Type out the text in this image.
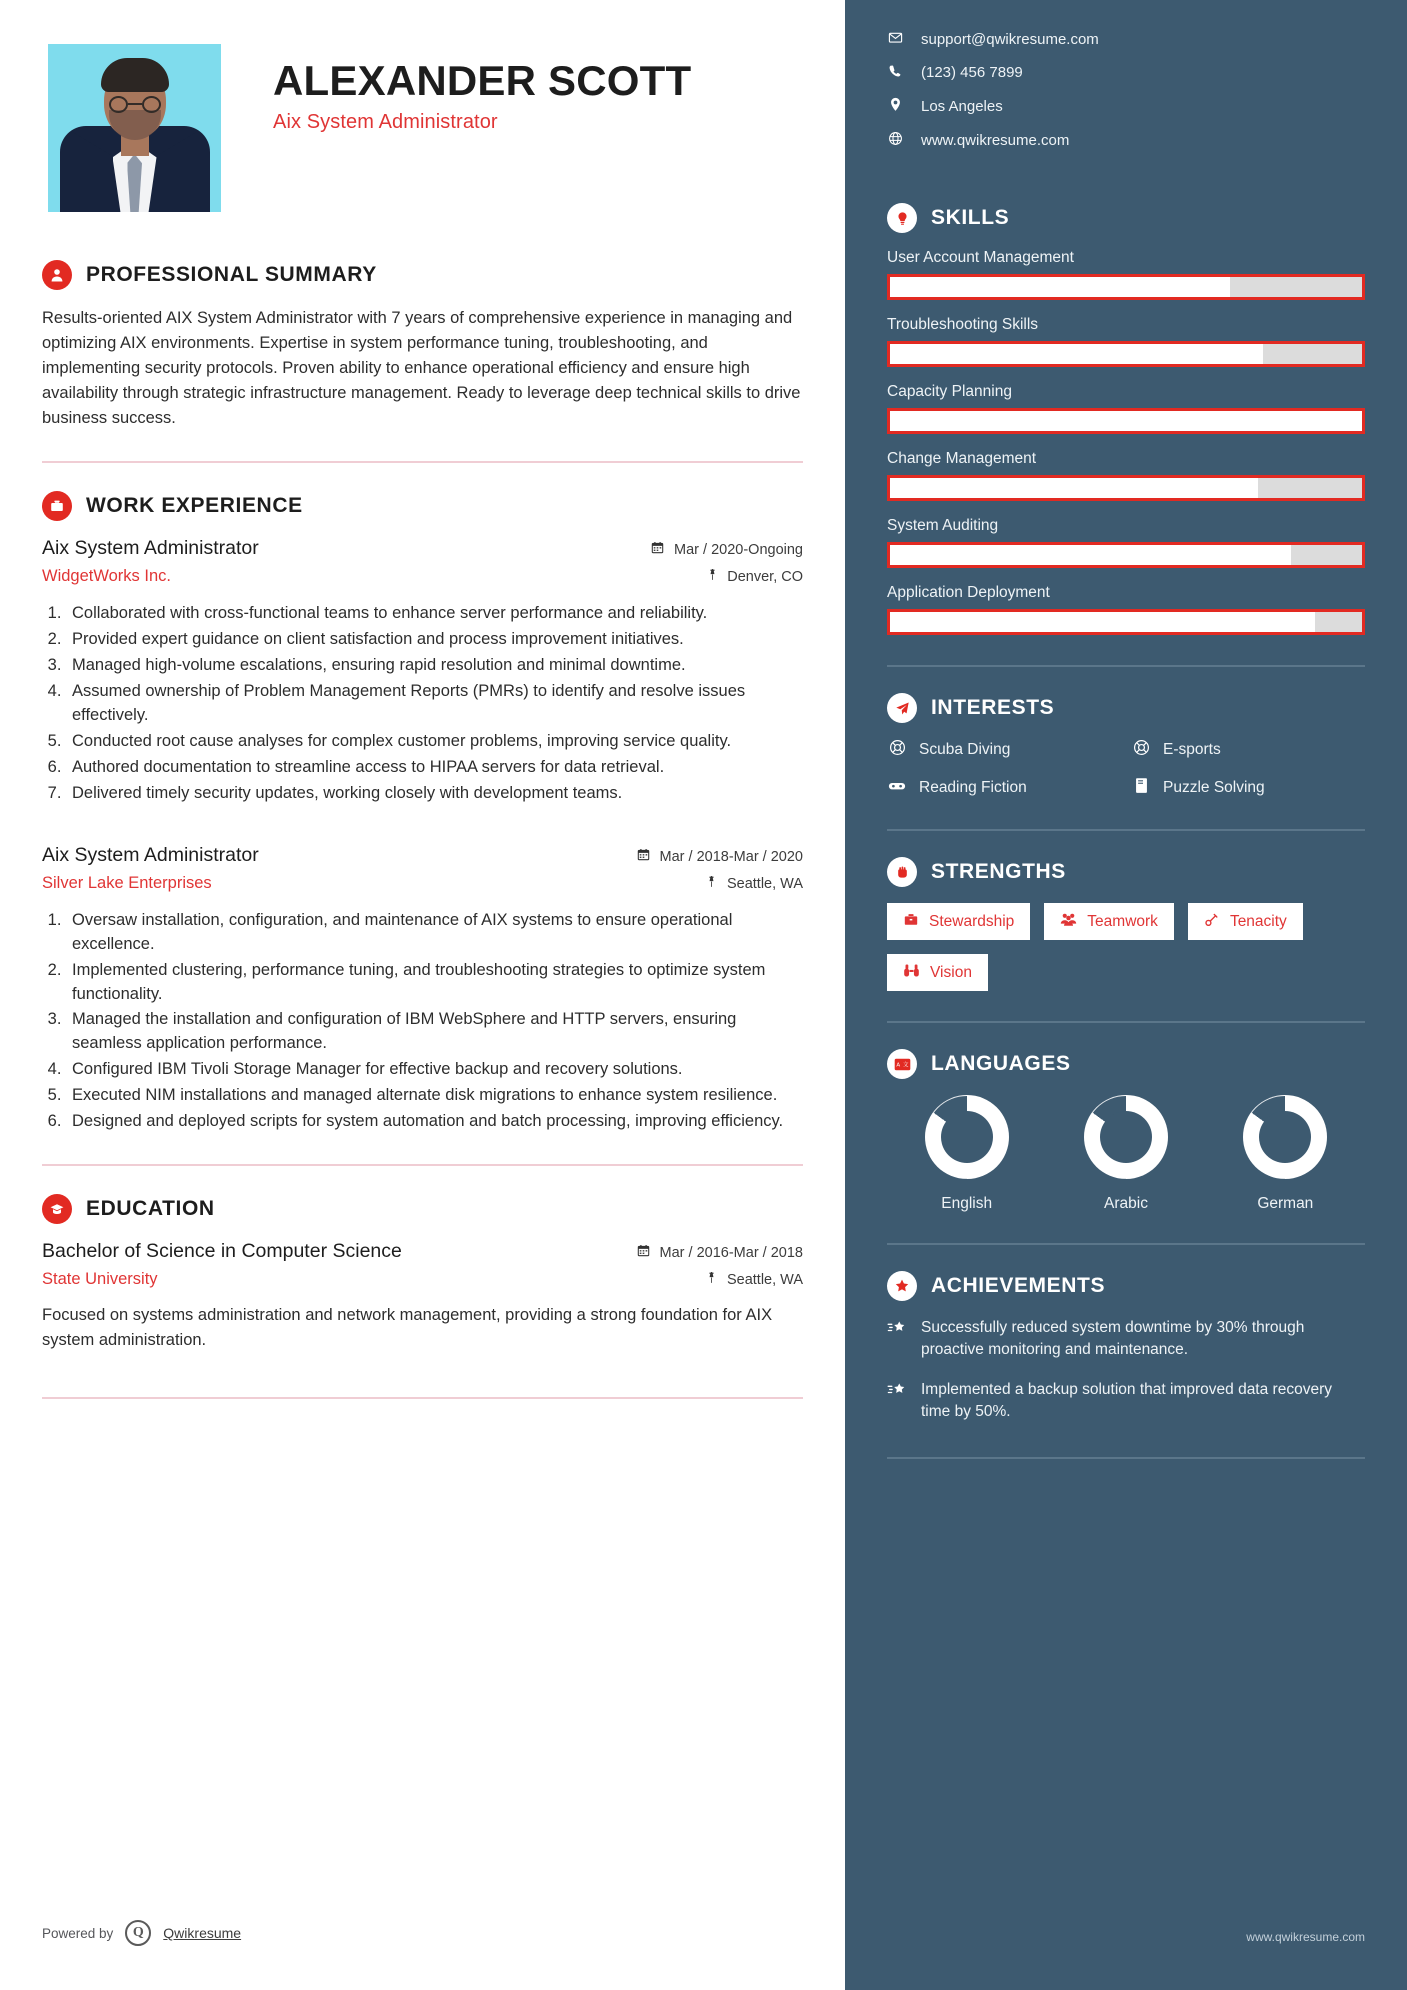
ALEXANDER SCOTT
Aix System Administrator
PROFESSIONAL SUMMARY
Results-oriented AIX System Administrator with 7 years of comprehensive experience in managing and optimizing AIX environments. Expertise in system performance tuning, troubleshooting, and implementing security protocols. Proven ability to enhance operational efficiency and ensure high availability through strategic infrastructure management. Ready to leverage deep technical skills to drive business success.
WORK EXPERIENCE
Aix System Administrator	Mar / 2020-Ongoing
WidgetWorks Inc.	Denver, CO
1. Collaborated with cross-functional teams to enhance server performance and reliability.
2. Provided expert guidance on client satisfaction and process improvement initiatives.
3. Managed high-volume escalations, ensuring rapid resolution and minimal downtime.
4. Assumed ownership of Problem Management Reports (PMRs) to identify and resolve issues effectively.
5. Conducted root cause analyses for complex customer problems, improving service quality.
6. Authored documentation to streamline access to HIPAA servers for data retrieval.
7. Delivered timely security updates, working closely with development teams.
Aix System Administrator	Mar / 2018-Mar / 2020
Silver Lake Enterprises	Seattle, WA
1. Oversaw installation, configuration, and maintenance of AIX systems to ensure operational excellence.
2. Implemented clustering, performance tuning, and troubleshooting strategies to optimize system functionality.
3. Managed the installation and configuration of IBM WebSphere and HTTP servers, ensuring seamless application performance.
4. Configured IBM Tivoli Storage Manager for effective backup and recovery solutions.
5. Executed NIM installations and managed alternate disk migrations to enhance system resilience.
6. Designed and deployed scripts for system automation and batch processing, improving efficiency.
EDUCATION
Bachelor of Science in Computer Science	Mar / 2016-Mar / 2018
State University	Seattle, WA
Focused on systems administration and network management, providing a strong foundation for AIX system administration.
Powered by	Q	Qwikresume
support@qwikresume.com
(123) 456 7899
Los Angeles
www.qwikresume.com
SKILLS
User Account Management
Troubleshooting Skills
Capacity Planning
Change Management
System Auditing
Application Deployment
INTERESTS
Scuba Diving	E-sports
Reading Fiction	Puzzle Solving
STRENGTHS
Stewardship	Teamwork	Tenacity
Vision
A 文 LANGUAGES
English	Arabic	German
ACHIEVEMENTS
Successfully reduced system downtime by 30% through proactive monitoring and maintenance.
Implemented a backup solution that improved data recovery time by 50%.
www.qwikresume.com
